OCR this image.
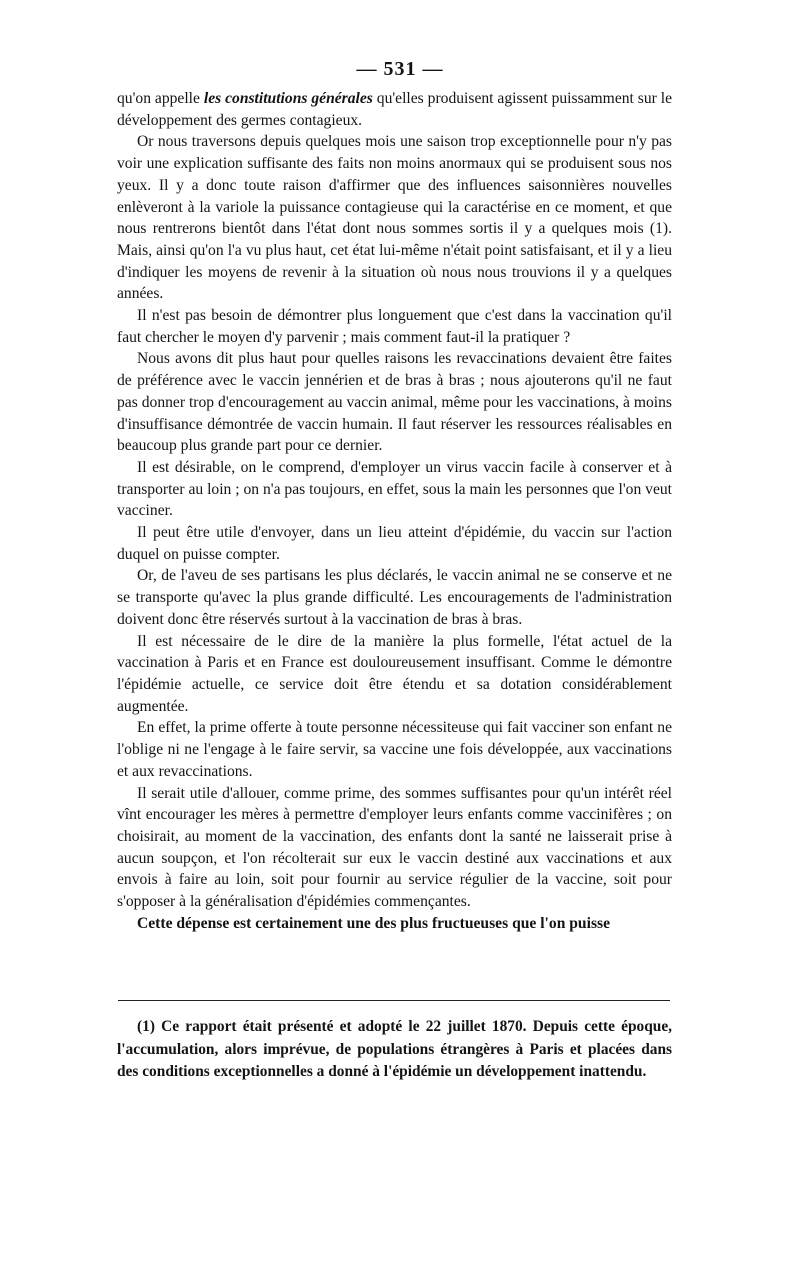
— 531 —

qu'on appelle les constitutions générales qu'elles produisent agissent puissamment sur le développement des germes contagieux.

Or nous traversons depuis quelques mois une saison trop exceptionnelle pour n'y pas voir une explication suffisante des faits non moins anormaux qui se produisent sous nos yeux. Il y a donc toute raison d'affirmer que des influences saisonnières nouvelles enlèveront à la variole la puissance contagieuse qui la caractérise en ce moment, et que nous rentrerons bientôt dans l'état dont nous sommes sortis il y a quelques mois (1). Mais, ainsi qu'on l'a vu plus haut, cet état lui-même n'était point satisfaisant, et il y a lieu d'indiquer les moyens de revenir à la situation où nous nous trouvions il y a quelques années.

Il n'est pas besoin de démontrer plus longuement que c'est dans la vaccination qu'il faut chercher le moyen d'y parvenir ; mais comment faut-il la pratiquer ?

Nous avons dit plus haut pour quelles raisons les revaccinations devaient être faites de préférence avec le vaccin jennérien et de bras à bras ; nous ajouterons qu'il ne faut pas donner trop d'encouragement au vaccin animal, même pour les vaccinations, à moins d'insuffisance démontrée de vaccin humain. Il faut réserver les ressources réalisables en beaucoup plus grande part pour ce dernier.

Il est désirable, on le comprend, d'employer un virus vaccin facile à conserver et à transporter au loin ; on n'a pas toujours, en effet, sous la main les personnes que l'on veut vacciner.

Il peut être utile d'envoyer, dans un lieu atteint d'épidémie, du vaccin sur l'action duquel on puisse compter.

Or, de l'aveu de ses partisans les plus déclarés, le vaccin animal ne se conserve et ne se transporte qu'avec la plus grande difficulté. Les encouragements de l'administration doivent donc être réservés surtout à la vaccination de bras à bras.

Il est nécessaire de le dire de la manière la plus formelle, l'état actuel de la vaccination à Paris et en France est douloureusement insuffisant. Comme le démontre l'épidémie actuelle, ce service doit être étendu et sa dotation considérablement augmentée.

En effet, la prime offerte à toute personne nécessiteuse qui fait vacciner son enfant ne l'oblige ni ne l'engage à le faire servir, sa vaccine une fois développée, aux vaccinations et aux revaccinations.

Il serait utile d'allouer, comme prime, des sommes suffisantes pour qu'un intérêt réel vînt encourager les mères à permettre d'employer leurs enfants comme vaccinifères ; on choisirait, au moment de la vaccination, des enfants dont la santé ne laisserait prise à aucun soupçon, et l'on récolterait sur eux le vaccin destiné aux vaccinations et aux envois à faire au loin, soit pour fournir au service régulier de la vaccine, soit pour s'opposer à la généralisation d'épidémies commençantes.

Cette dépense est certainement une des plus fructueuses que l'on puisse

(1) Ce rapport était présenté et adopté le 22 juillet 1870. Depuis cette époque, l'accumulation, alors imprévue, de populations étrangères à Paris et placées dans des conditions exceptionnelles a donné à l'épidémie un développement inattendu.
